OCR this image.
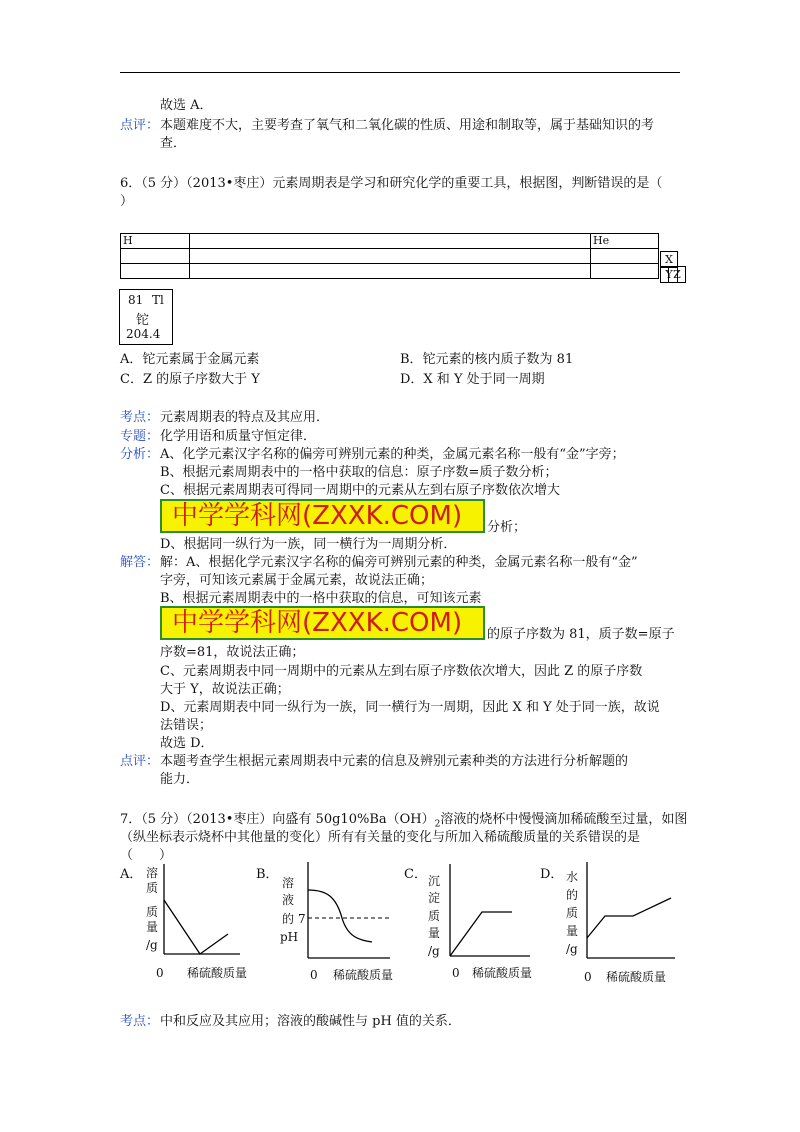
故选 A．
点评： 本题难度不大，主要考查了氧气和二氧化碳的性质、用途和制取等，属于基础知识的考
查．
6．（5 分）（2013•枣庄）元素周期表是学习和研究化学的重要工具，根据图，判断错误的是（
）
H		He

X
Y Z
81 Tl
铊
204.4
A．铊元素属于金属元素	B．铊元素的核内质子数为 81
C．Z 的原子序数大于 Y	D．X 和 Y 处于同一周期
考点： 元素周期表的特点及其应用．
专题： 化学用语和质量守恒定律．
分析： A、化学元素汉字名称的偏旁可辨别元素的种类，金属元素名称一般有“金”字旁；
B、根据元素周期表中的一格中获取的信息：原子序数=质子数分析；
C、根据元素周期表可得同一周期中的元素从左到右原子序数依次增大
中学学科网(ZXXK.COM)	分析；
D、根据同一纵行为一族，同一横行为一周期分析．
解答： 解：A、根据化学元素汉字名称的偏旁可辨别元素的种类，金属元素名称一般有“金”
字旁，可知该元素属于金属元素，故说法正确；
B、根据元素周期表中的一格中获取的信息，可知该元素
中学学科网(ZXXK.COM)	的原子序数为 81，质子数=原子
序数=81，故说法正确；
C、元素周期表中同一周期中的元素从左到右原子序数依次增大，因此 Z 的原子序数
大于 Y，故说法正确；
D、元素周期表中同一纵行为一族，同一横行为一周期，因此 X 和 Y 处于同一族，故说
法错误；
故选 D．
点评： 本题考查学生根据元素周期表中元素的信息及辨别元素种类的方法进行分析解题的
能力．
7．（5 分）（2013•枣庄）向盛有 $50g10\%Ba(OH)_2$溶液的烧杯中慢慢滴加稀硫酸至过量，如图
（纵坐标表示烧杯中其他量的变化）所有有关量的变化与所加入稀硫酸质量的关系错误的是
（　　）
A． 溶
质
质
量
/g
0 稀硫酸质量
B．
溶
液
的
pH
7
0 稀硫酸质量
C． 沉
淀
质
量
/g
0 稀硫酸质量
D． 水
的
质
量
/g
0 稀硫酸质量
考点： 中和反应及其应用；溶液的酸碱性与 pH 值的关系．
